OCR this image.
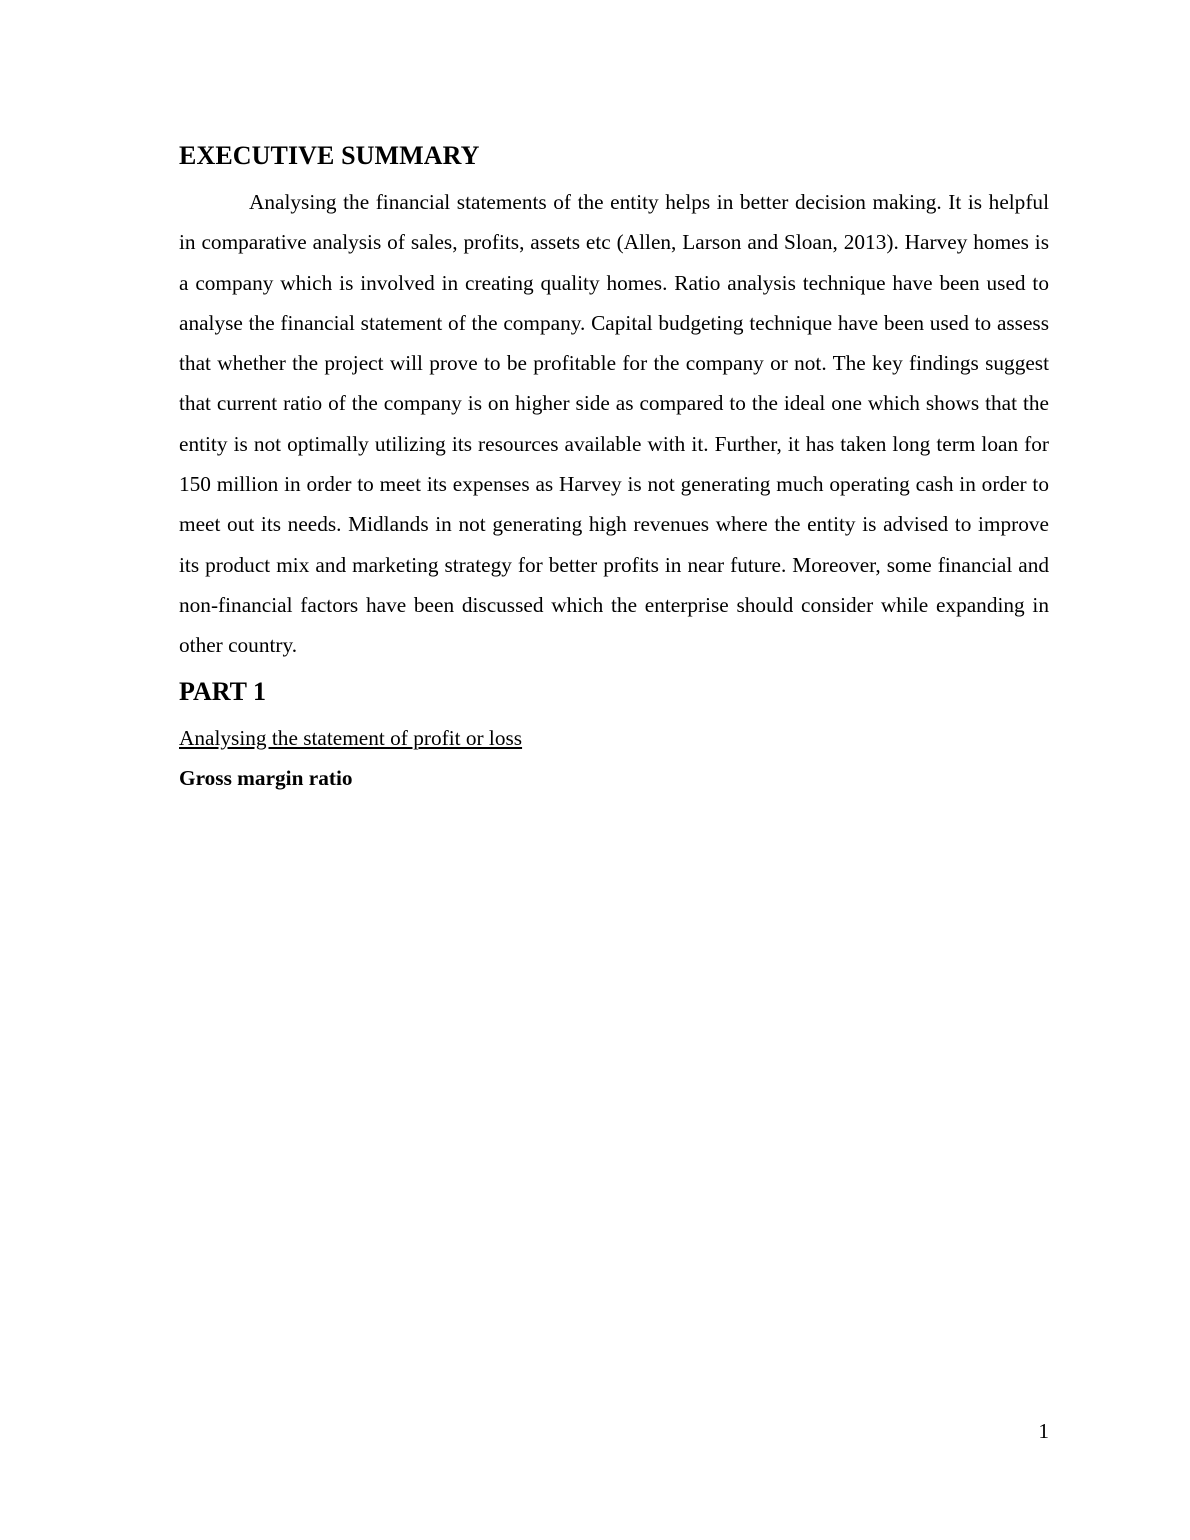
EXECUTIVE SUMMARY

Analysing the financial statements of the entity helps in better decision making. It is helpful in comparative analysis of sales, profits, assets etc (Allen, Larson and Sloan, 2013). Harvey homes is a company which is involved in creating quality homes. Ratio analysis technique have been used to analyse the financial statement of the company. Capital budgeting technique have been used to assess that whether the project will prove to be profitable for the company or not. The key findings suggest that current ratio of the company is on higher side as compared to the ideal one which shows that the entity is not optimally utilizing its resources available with it. Further, it has taken long term loan for 150 million in order to meet its expenses as Harvey is not generating much operating cash in order to meet out its needs. Midlands in not generating high revenues where the entity is advised to improve its product mix and marketing strategy for better profits in near future. Moreover, some financial and non-financial factors have been discussed which the enterprise should consider while expanding in other country.

PART 1

Analysing the statement of profit or loss

Gross margin ratio

1
